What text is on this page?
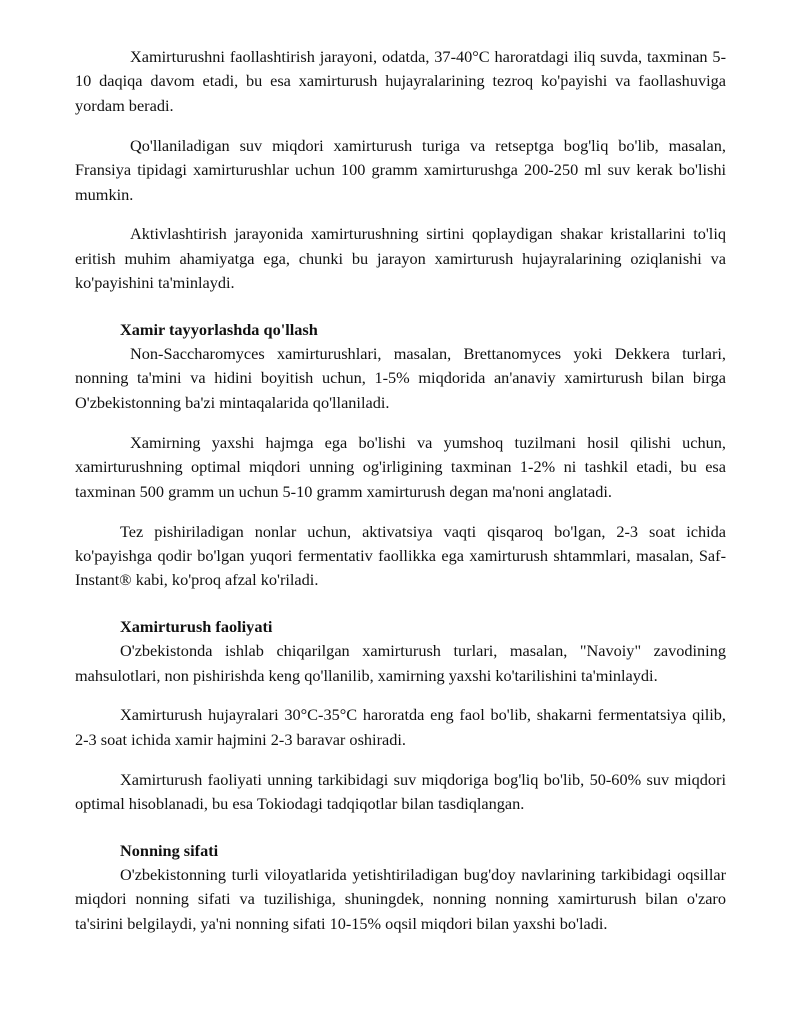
Xamirturushni faollashtirish jarayoni, odatda, 37-40°C haroratdagi iliq suvda, taxminan 5-10 daqiqa davom etadi, bu esa xamirturush hujayralarining tezroq ko'payishi va faollashuviga yordam beradi.

Qo'llaniladigan suv miqdori xamirturush turiga va retseptga bog'liq bo'lib, masalan, Fransiya tipidagi xamirturushlar uchun 100 gramm xamirturushga 200-250 ml suv kerak bo'lishi mumkin.

Aktivlashtirish jarayonida xamirturushning sirtini qoplaydigan shakar kristallarini to'liq eritish muhim ahamiyatga ega, chunki bu jarayon xamirturush hujayralarining oziqlanishi va ko'payishini ta'minlaydi.

Xamir tayyorlashda qo'llash

Non-Saccharomyces xamirturushlari, masalan, Brettanomyces yoki Dekkera turlari, nonning ta'mini va hidini boyitish uchun, 1-5% miqdorida an'anaviy xamirturush bilan birga O'zbekistonning ba'zi mintaqalarida qo'llaniladi.

Xamirning yaxshi hajmga ega bo'lishi va yumshoq tuzilmani hosil qilishi uchun, xamirturushning optimal miqdori unning og'irligining taxminan 1-2% ni tashkil etadi, bu esa taxminan 500 gramm un uchun 5-10 gramm xamirturush degan ma'noni anglatadi.

Tez pishiriladigan nonlar uchun, aktivatsiya vaqti qisqaroq bo'lgan, 2-3 soat ichida ko'payishga qodir bo'lgan yuqori fermentativ faollikka ega xamirturush shtammlari, masalan, Saf-Instant® kabi, ko'proq afzal ko'riladi.

Xamirturush faoliyati

O'zbekistonda ishlab chiqarilgan xamirturush turlari, masalan, "Navoiy" zavodining mahsulotlari, non pishirishda keng qo'llanilib, xamirning yaxshi ko'tarilishini ta'minlaydi.

Xamirturush hujayralari 30°C-35°C haroratda eng faol bo'lib, shakarni fermentatsiya qilib, 2-3 soat ichida xamir hajmini 2-3 baravar oshiradi.

Xamirturush faoliyati unning tarkibidagi suv miqdoriga bog'liq bo'lib, 50-60% suv miqdori optimal hisoblanadi, bu esa Tokiodagi tadqiqotlar bilan tasdiqlangan.

Nonning sifati

O'zbekistonning turli viloyatlarida yetishtiriladigan bug'doy navlarining tarkibidagi oqsillar miqdori nonning sifati va tuzilishiga, shuningdek, nonning nonning xamirturush bilan o'zaro ta'sirini belgilaydi, ya'ni nonning sifati 10-15% oqsil miqdori bilan yaxshi bo'ladi.
